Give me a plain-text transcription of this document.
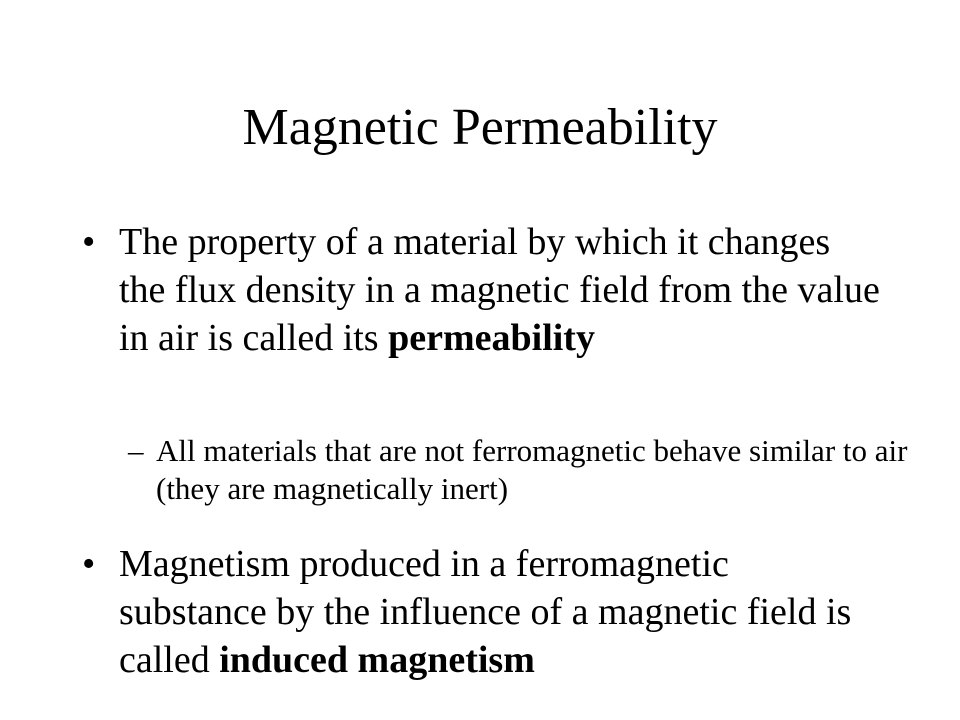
Magnetic Permeability
• The property of a material by which it changes the flux density in a magnetic field from the value in air is called its permeability
– All materials that are not ferromagnetic behave similar to air (they are magnetically inert)
• Magnetism produced in a ferromagnetic substance by the influence of a magnetic field is called induced magnetism
